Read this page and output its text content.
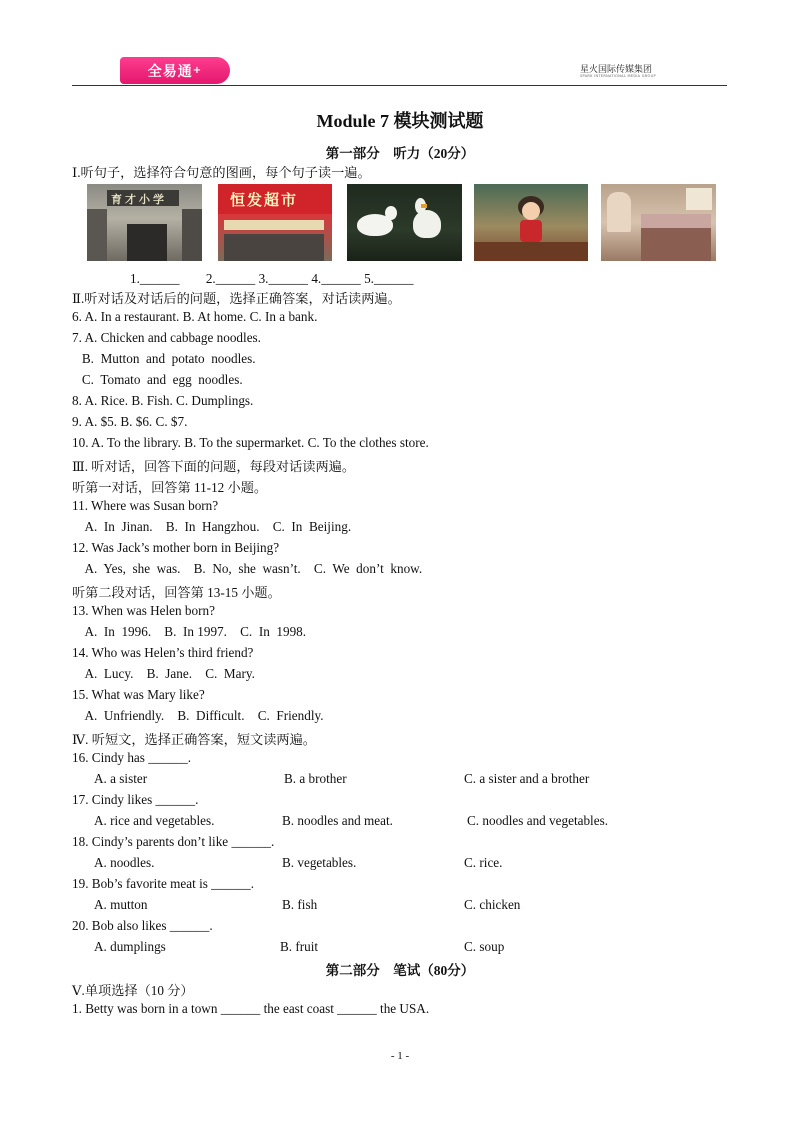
全易通 +	星火国际传媒集团
SPARK INTERNATIONAL MEDIA GROUP
Module 7 模块测试题
第一部分　听力（20分）
Ⅰ.听句子，选择符合句意的图画，每个句子读一遍。
育才小学	恒发超市
1.______　　2.______ 3.______ 4.______ 5.______
Ⅱ.听对话及对话后的问题，选择正确答案，对话读两遍。
6. A. In a restaurant. B. At home. C. In a bank.
7. A. Chicken and cabbage noodles.
B.  Mutton  and  potato  noodles.
C.  Tomato  and  egg  noodles.
8. A. Rice. B. Fish. C. Dumplings.
9. A. $5. B. $6. C. $7.
10. A. To the library. B. To the supermarket. C. To the clothes store.
Ⅲ. 听对话，回答下面的问题，每段对话读两遍。
听第一对话，回答第 11-12 小题。
11. Where was Susan born?
A.  In  Jinan.    B.  In  Hangzhou.    C.  In  Beijing.
12. Was Jack’s mother born in Beijing?
A.  Yes,  she  was.    B.  No,  she  wasn’t.    C.  We  don’t  know.
听第二段对话，回答第 13-15 小题。
13. When was Helen born?
A.  In  1996.    B.  In 1997.    C.  In  1998.
14. Who was Helen’s third friend?
A.  Lucy.    B.  Jane.    C.  Mary.
15. What was Mary like?
A.  Unfriendly.    B.  Difficult.    C.  Friendly.
Ⅳ. 听短文，选择正确答案，短文读两遍。
16. Cindy has ______.
A. a sister	B. a brother	C. a sister and a brother
17. Cindy likes ______.
A. rice and vegetables.	B. noodles and meat.	C. noodles and vegetables.
18. Cindy’s parents don’t like ______.
A. noodles.	B. vegetables.	C. rice.
19. Bob’s favorite meat is ______.
A. mutton	B. fish	C. chicken
20. Bob also likes ______.
A. dumplings	B. fruit	C. soup
第二部分　笔试（80分）
Ⅴ.单项选择（10 分）
1. Betty was born in a town ______ the east coast ______ the USA.
- 1 -
